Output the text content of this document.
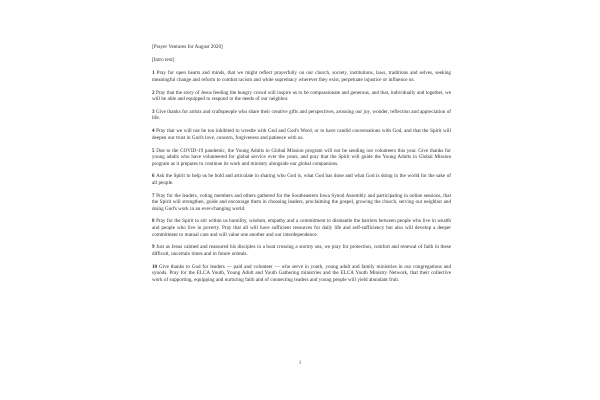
[Prayer Ventures for August 2020]

[Intro text]

1 Pray for open hearts and minds, that we might reflect prayerfully on our church, society, institutions, laws, traditions and selves, seeking meaningful change and reform to combat racism and white supremacy wherever they exist, perpetuate injustice or influence us.

2 Pray that the story of Jesus feeding the hungry crowd will inspire us to be compassionate and generous, and that, individually and together, we will be able and equipped to respond to the needs of our neighbor.

3 Give thanks for artists and craftspeople who share their creative gifts and perspectives, arousing our joy, wonder, reflection and appreciation of life.

4 Pray that we will not be too inhibited to wrestle with God and God's Word, or to have candid conversations with God, and that the Spirit will deepen our trust in God's love, concern, forgiveness and patience with us.

5 Due to the COVID-19 pandemic, the Young Adults in Global Mission program will not be sending out volunteers this year. Give thanks for young adults who have volunteered for global service over the years, and pray that the Spirit will guide the Young Adults in Global Mission program as it prepares to continue its work and ministry alongside our global companions.

6 Ask the Spirit to help us be bold and articulate in sharing who God is, what God has done and what God is doing in the world for the sake of all people.

7 Pray for the leaders, voting members and others gathered for the Southeastern Iowa Synod Assembly and participating in online sessions, that the Spirit will strengthen, guide and encourage them in choosing leaders, proclaiming the gospel, growing the church, serving our neighbor and doing God's work in an ever-changing world.

8 Pray for the Spirit to stir within us humility, wisdom, empathy and a commitment to dismantle the barriers between people who live in wealth and people who live in poverty. Pray that all will have sufficient resources for daily life and self-sufficiency but also will develop a deeper commitment to mutual care and will value one another and our interdependence.

9 Just as Jesus calmed and reassured his disciples in a boat crossing a stormy sea, we pray for protection, comfort and renewal of faith in these difficult, uncertain times and in future ordeals.

10 Give thanks to God for leaders — paid and volunteer — who serve in youth, young adult and family ministries in our congregations and synods. Pray for the ELCA Youth, Young Adult and Youth Gathering ministries and the ELCA Youth Ministry Network, that their collective work of supporting, equipping and nurturing faith and of connecting leaders and young people will yield abundant fruit.

1
